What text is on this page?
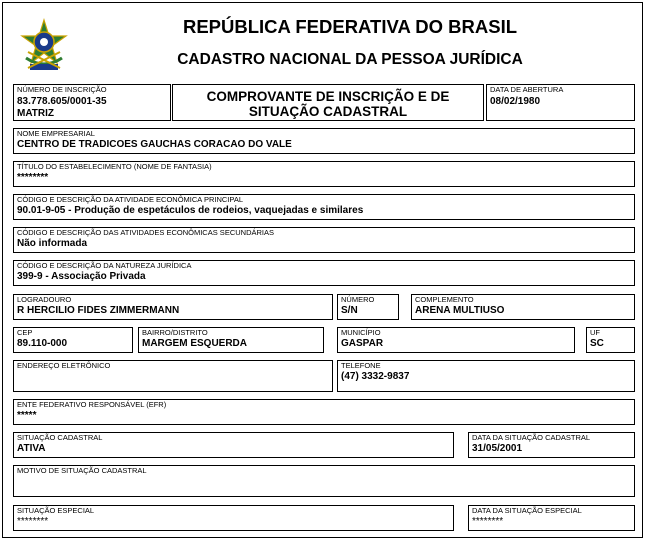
REPÚBLICA FEDERATIVA DO BRASIL
CADASTRO NACIONAL DA PESSOA JURÍDICA
NÚMERO DE INSCRIÇÃO
83.778.605/0001-35
MATRIZ
COMPROVANTE DE INSCRIÇÃO E DE
SITUAÇÃO CADASTRAL
DATA DE ABERTURA
08/02/1980
NOME EMPRESARIAL
CENTRO DE TRADICOES GAUCHAS CORACAO DO VALE
TÍTULO DO ESTABELECIMENTO (NOME DE FANTASIA)
********
CÓDIGO E DESCRIÇÃO DA ATIVIDADE ECONÔMICA PRINCIPAL
90.01-9-05 - Produção de espetáculos de rodeios, vaquejadas e similares
CÓDIGO E DESCRIÇÃO DAS ATIVIDADES ECONÔMICAS SECUNDÁRIAS
Não informada
CÓDIGO E DESCRIÇÃO DA NATUREZA JURÍDICA
399-9 - Associação Privada
LOGRADOURO
R HERCILIO FIDES ZIMMERMANN
NÚMERO
S/N
COMPLEMENTO
ARENA MULTIUSO
CEP
89.110-000
BAIRRO/DISTRITO
MARGEM ESQUERDA
MUNICÍPIO
GASPAR
UF
SC
ENDEREÇO ELETRÔNICO	TELEFONE
(47) 3332-9837
ENTE FEDERATIVO RESPONSÁVEL (EFR)
*****
SITUAÇÃO CADASTRAL
ATIVA
DATA DA SITUAÇÃO CADASTRAL
31/05/2001
MOTIVO DE SITUAÇÃO CADASTRAL
SITUAÇÃO ESPECIAL
********
DATA DA SITUAÇÃO ESPECIAL
********
